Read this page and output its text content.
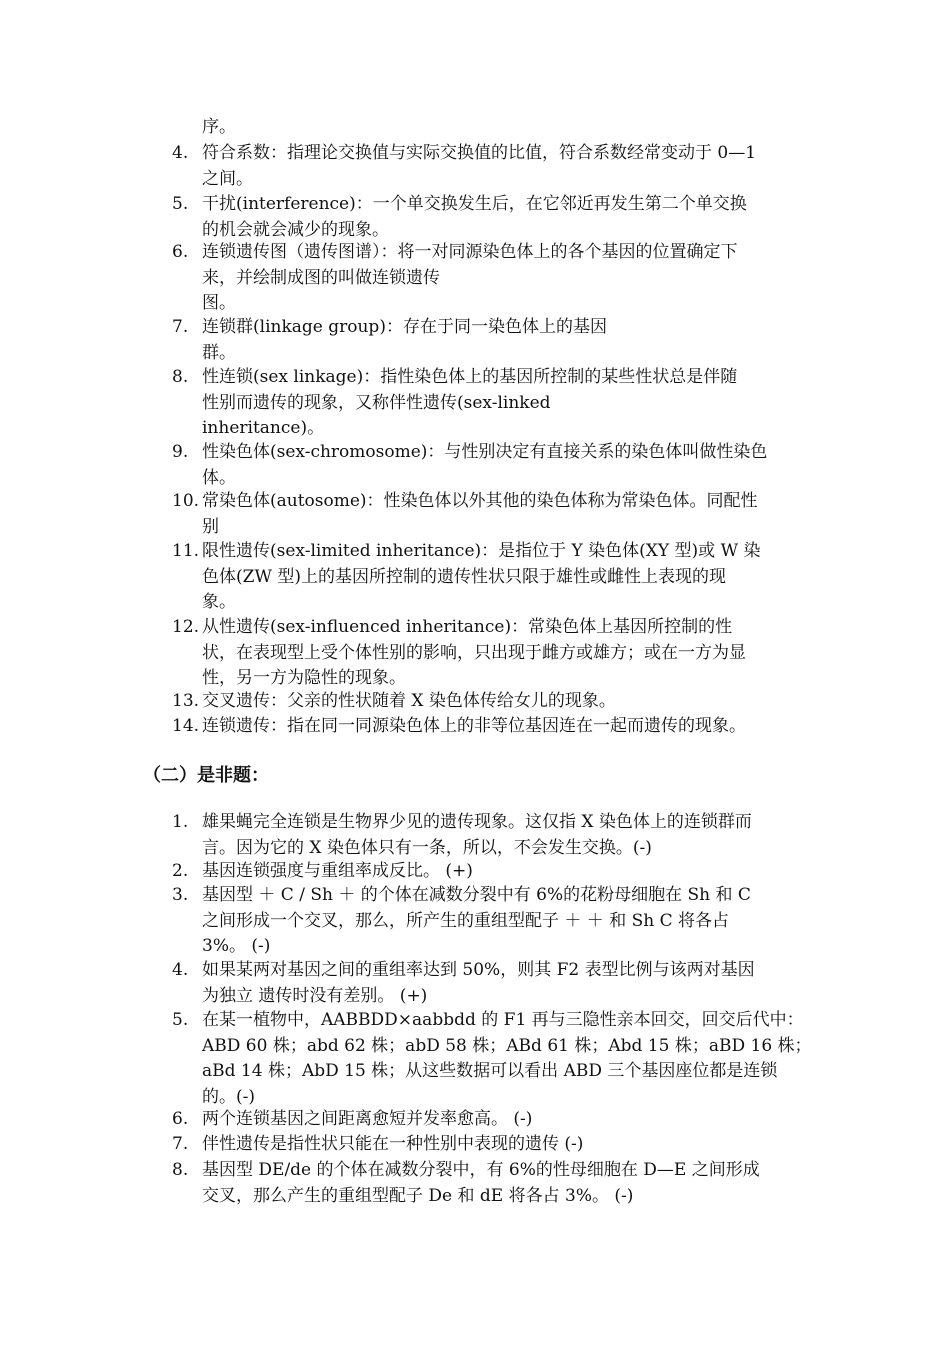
序。
4. 符合系数：指理论交换值与实际交换值的比值，符合系数经常变动于 0—1
之间。
5. 干扰(interference)：一个单交换发生后，在它邻近再发生第二个单交换
的机会就会减少的现象。
6. 连锁遗传图（遗传图谱）：将一对同源染色体上的各个基因的位置确定下
来，并绘制成图的叫做连锁遗传
图。
7. 连锁群(linkage group)：存在于同一染色体上的基因
群。
8. 性连锁(sex linkage)：指性染色体上的基因所控制的某些性状总是伴随
性别而遗传的现象，又称伴性遗传(sex-linked
inheritance)。
9. 性染色体(sex-chromosome)：与性别决定有直接关系的染色体叫做性染色
体。
10. 常染色体(autosome)：性染色体以外其他的染色体称为常染色体。同配性
别
11. 限性遗传(sex-limited inheritance)：是指位于 Y 染色体(XY 型)或 W 染
色体(ZW 型)上的基因所控制的遗传性状只限于雄性或雌性上表现的现
象。
12. 从性遗传(sex-influenced inheritance)：常染色体上基因所控制的性
状，在表现型上受个体性别的影响，只出现于雌方或雄方；或在一方为显
性，另一方为隐性的现象。
13. 交叉遗传：父亲的性状随着 X 染色体传给女儿的现象。
14. 连锁遗传：指在同一同源染色体上的非等位基因连在一起而遗传的现象。
（二）是非题：
1. 雄果蝇完全连锁是生物界少见的遗传现象。这仅指 X 染色体上的连锁群而
言。因为它的 X 染色体只有一条，所以，不会发生交换。(-)
2. 基因连锁强度与重组率成反比。 (+)
3. 基因型 ＋ C / Sh ＋ 的个体在减数分裂中有 6%的花粉母细胞在 Sh 和 C
之间形成一个交叉，那么，所产生的重组型配子 ＋ ＋ 和 Sh C 将各占
3%。 (-)
4. 如果某两对基因之间的重组率达到 50%，则其 F2 表型比例与该两对基因
为独立 遗传时没有差别。 (+)
5. 在某一植物中，AABBDD×aabbdd 的 F1 再与三隐性亲本回交，回交后代中：
ABD 60 株；abd 62 株；abD 58 株；ABd 61 株；Abd 15 株；aBD 16 株；
aBd 14 株；AbD 15 株；从这些数据可以看出 ABD 三个基因座位都是连锁
的。(-)
6. 两个连锁基因之间距离愈短并发率愈高。 (-)
7. 伴性遗传是指性状只能在一种性别中表现的遗传 (-)
8. 基因型 DE/de 的个体在减数分裂中，有 6%的性母细胞在 D—E 之间形成
交叉，那么产生的重组型配子 De 和 dE 将各占 3%。 (-)
